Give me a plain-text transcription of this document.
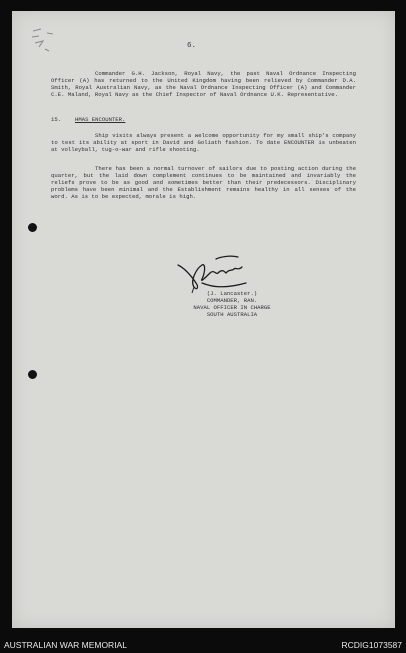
6.

Commander G.H. Jackson, Royal Navy, the past Naval Ordnance Inspecting Officer (A) has returned to the United Kingdom having been relieved by Commander D.A. Smith, Royal Australian Navy, as the Naval Ordnance Inspecting Officer (A) and Commander C.E. Maland, Royal Navy as the Chief Inspector of Naval Ordnance U.K. Representative.

15. HMAS ENCOUNTER.

Ship visits always present a welcome opportunity for my small ship's company to test its ability at sport in David and Goliath fashion. To date ENCOUNTER is unbeaten at volleyball, tug-o-war and rifle shooting.

There has been a normal turnover of sailors due to posting action during the quarter, but the laid down complement continues to be maintained and invariably the reliefs prove to be as good and sometimes better than their predecessors. Disciplinary problems have been minimal and the Establishment remains healthy in all senses of the word. As is to be expected, morale is high.

(J. Lancaster.)
COMMANDER, RAN.
NAVAL OFFICER IN CHARGE
SOUTH AUSTRALIA
AUSTRALIAN WAR MEMORIAL	RCDIG1073587
